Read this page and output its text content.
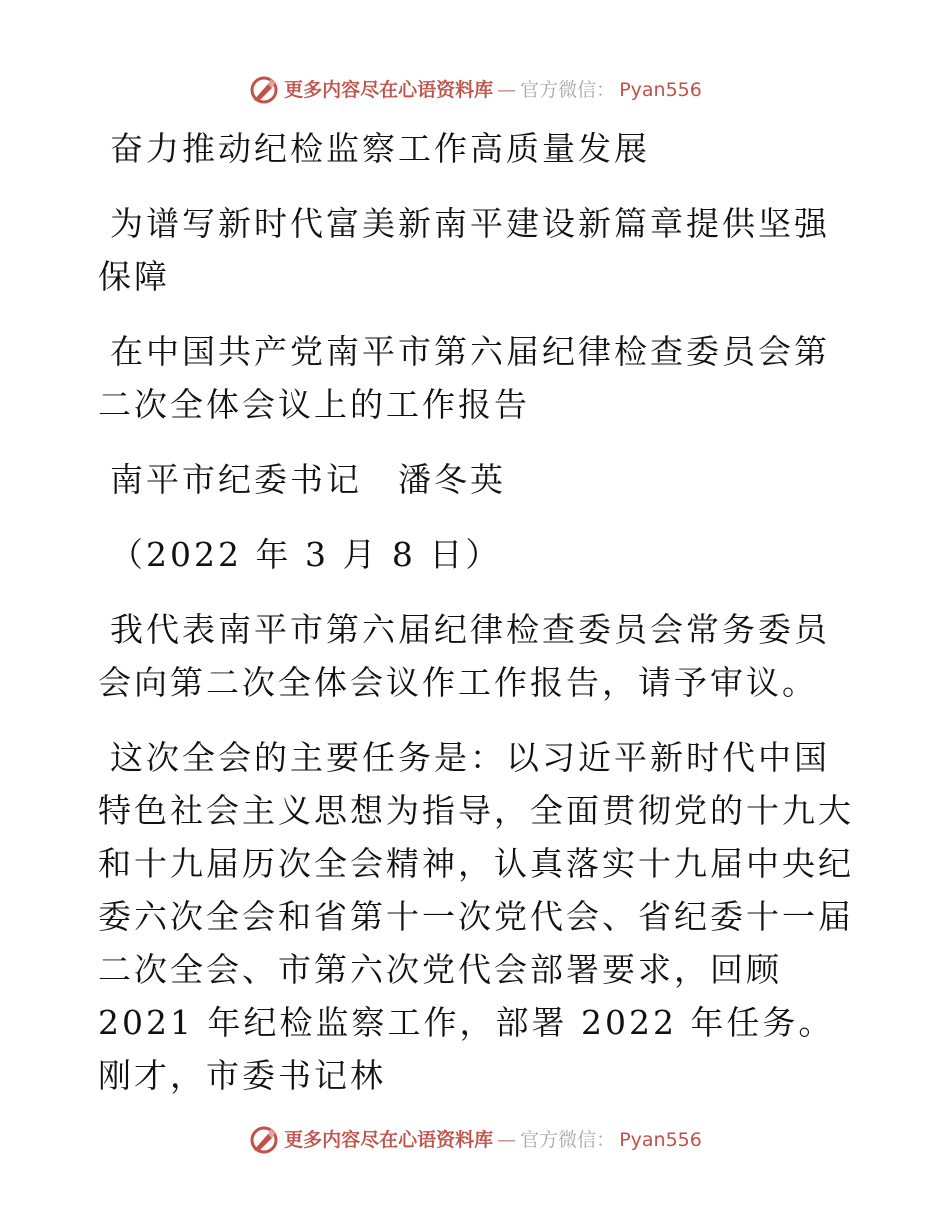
更多内容尽在心语资料库 — 官方微信： Pyan556

奋力推动纪检监察工作高质量发展

为谱写新时代富美新南平建设新篇章提供坚强保障

在中国共产党南平市第六届纪律检查委员会第二次全体会议上的工作报告

南平市纪委书记　潘冬英

（2022 年 3 月 8 日）

我代表南平市第六届纪律检查委员会常务委员会向第二次全体会议作工作报告，请予审议。

这次全会的主要任务是：以习近平新时代中国特色社会主义思想为指导，全面贯彻党的十九大和十九届历次全会精神，认真落实十九届中央纪委六次全会和省第十一次党代会、省纪委十一届二次全会、市第六次党代会部署要求，回顾 2021 年纪检监察工作，部署 2022 年任务。刚才，市委书记林

更多内容尽在心语资料库 — 官方微信： Pyan556
